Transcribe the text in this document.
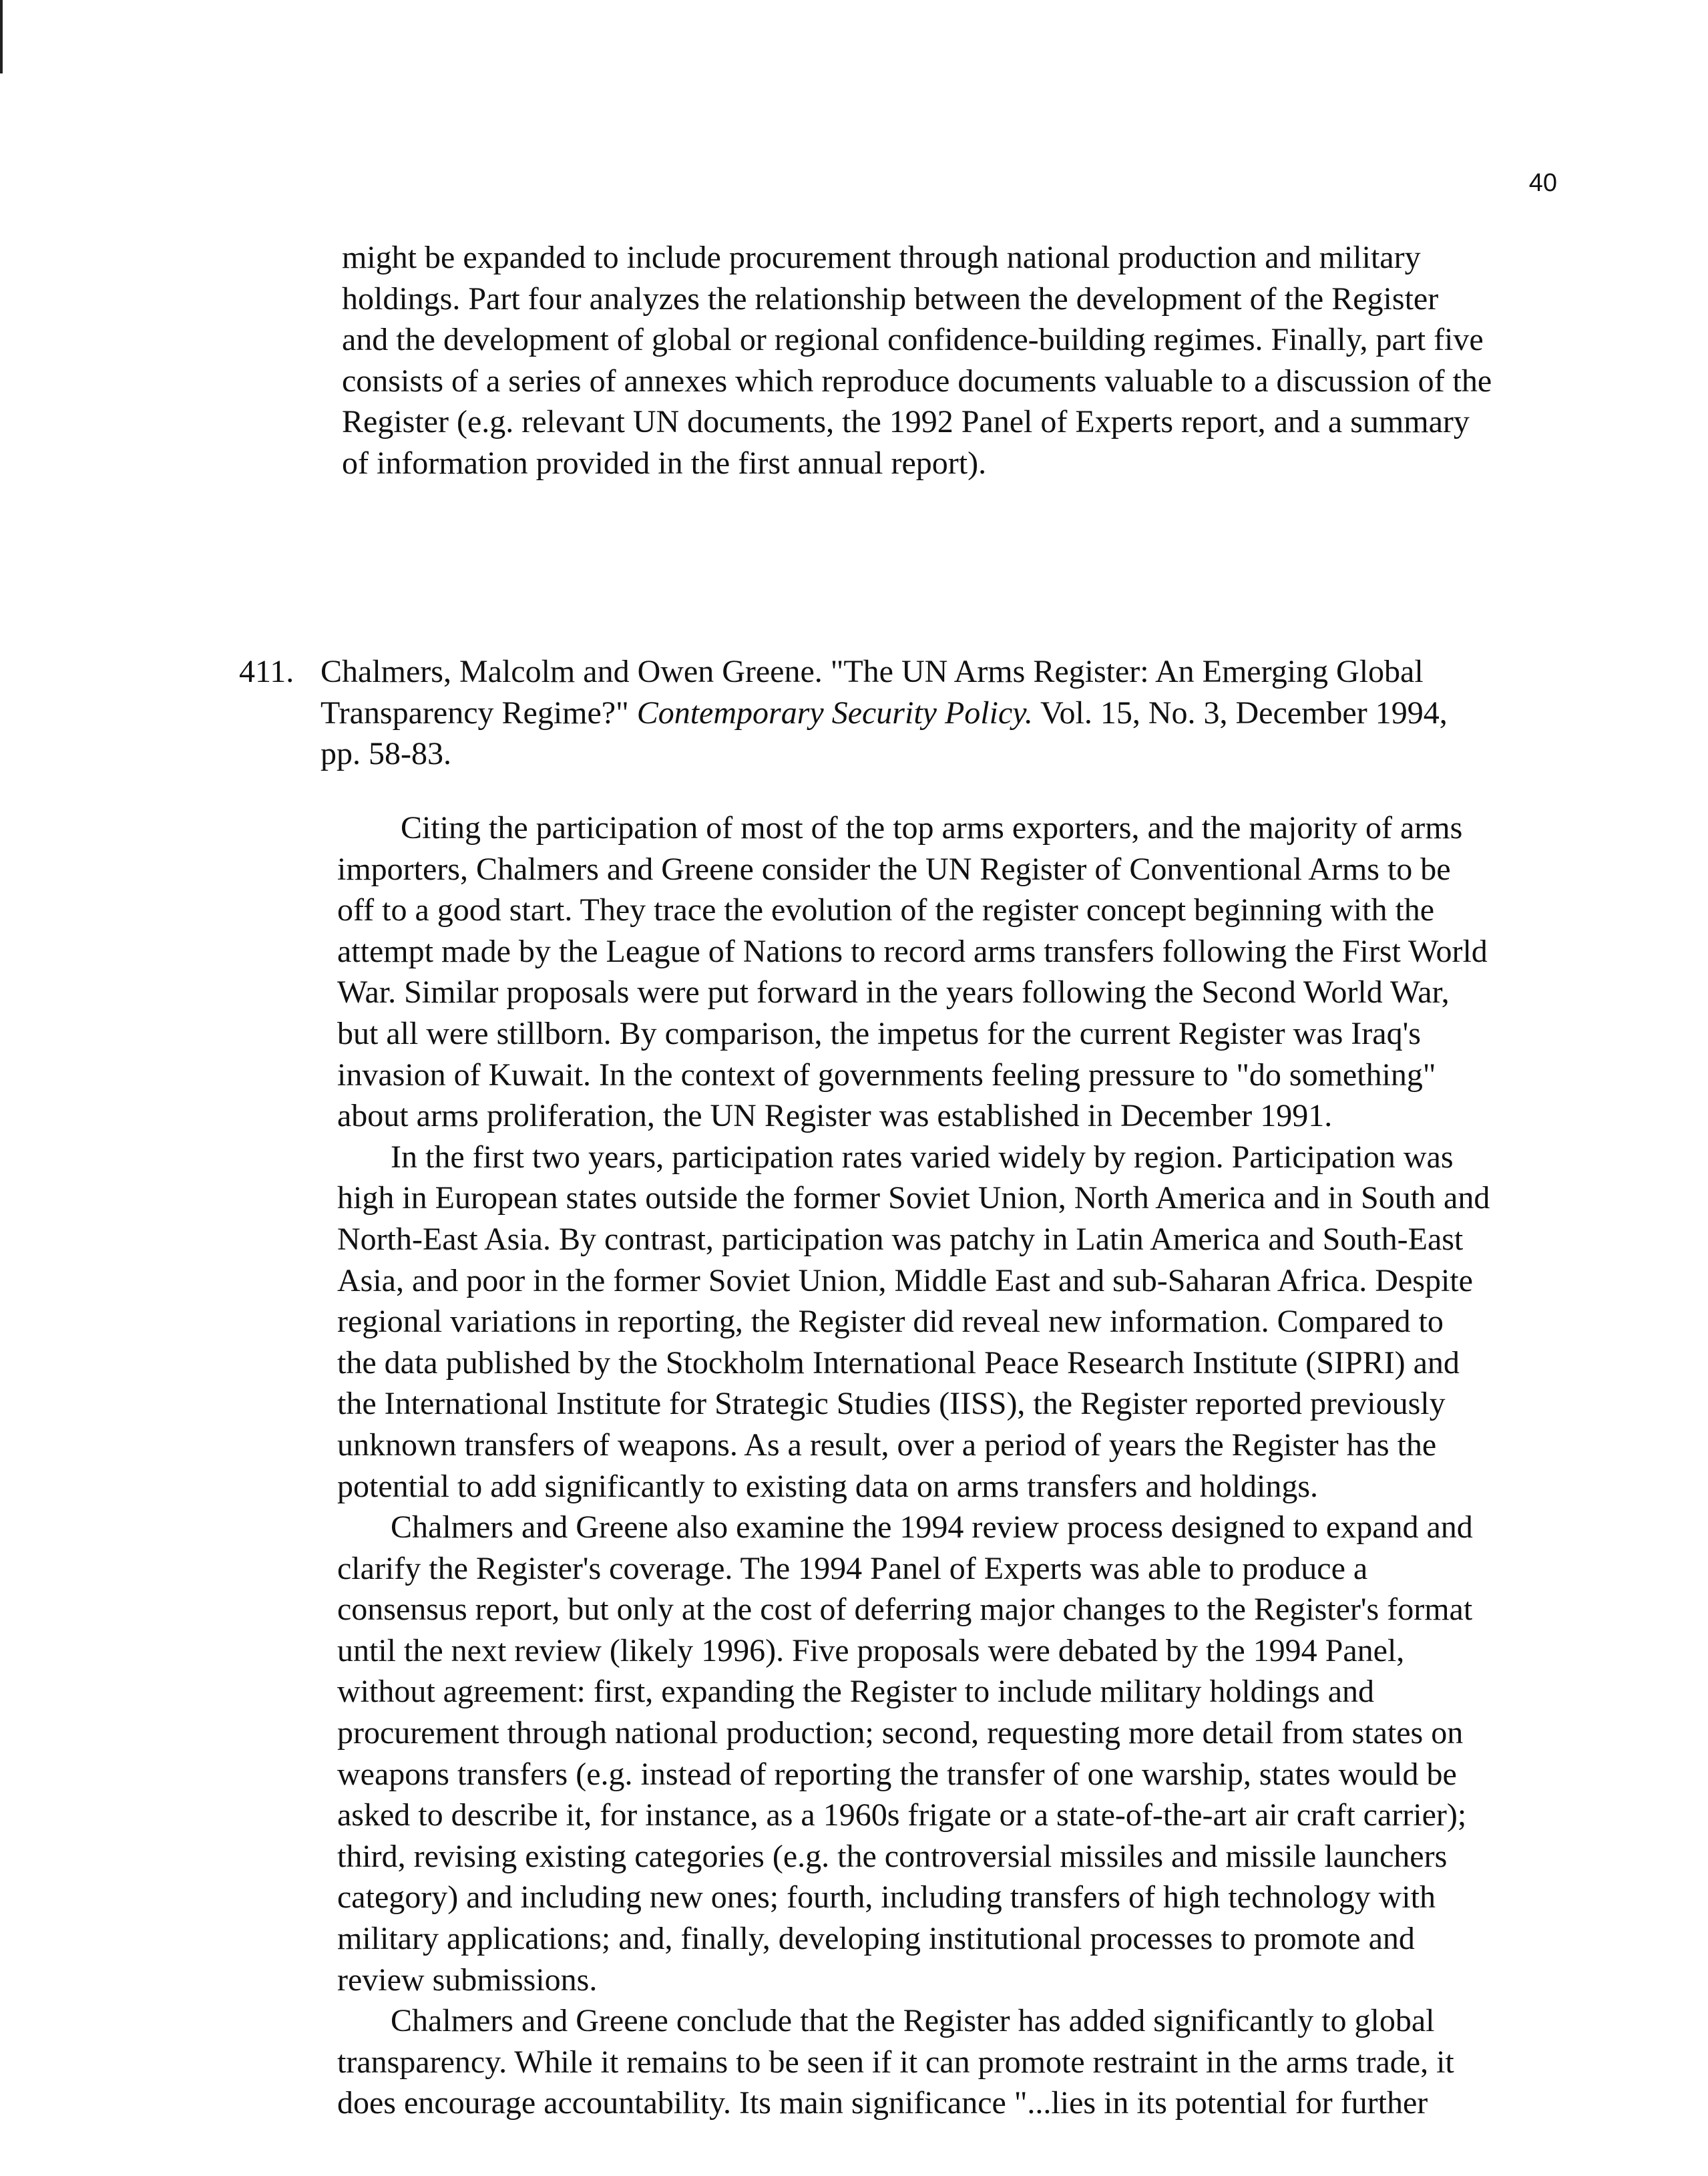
40

might be expanded to include procurement through national production and military
holdings. Part four analyzes the relationship between the development of the Register
and the development of global or regional confidence-building regimes. Finally, part five
consists of a series of annexes which reproduce documents valuable to a discussion of the
Register (e.g. relevant UN documents, the 1992 Panel of Experts report, and a summary
of information provided in the first annual report).

411. Chalmers, Malcolm and Owen Greene. "The UN Arms Register: An Emerging Global
Transparency Regime?" Contemporary Security Policy. Vol. 15, No. 3, December 1994,
pp. 58-83.

Citing the participation of most of the top arms exporters, and the majority of arms
importers, Chalmers and Greene consider the UN Register of Conventional Arms to be
off to a good start. They trace the evolution of the register concept beginning with the
attempt made by the League of Nations to record arms transfers following the First World
War. Similar proposals were put forward in the years following the Second World War,
but all were stillborn. By comparison, the impetus for the current Register was Iraq's
invasion of Kuwait. In the context of governments feeling pressure to "do something"
about arms proliferation, the UN Register was established in December 1991.

In the first two years, participation rates varied widely by region. Participation was
high in European states outside the former Soviet Union, North America and in South and
North-East Asia. By contrast, participation was patchy in Latin America and South-East
Asia, and poor in the former Soviet Union, Middle East and sub-Saharan Africa. Despite
regional variations in reporting, the Register did reveal new information. Compared to
the data published by the Stockholm International Peace Research Institute (SIPRI) and
the International Institute for Strategic Studies (IISS), the Register reported previously
unknown transfers of weapons. As a result, over a period of years the Register has the
potential to add significantly to existing data on arms transfers and holdings.

Chalmers and Greene also examine the 1994 review process designed to expand and
clarify the Register's coverage. The 1994 Panel of Experts was able to produce a
consensus report, but only at the cost of deferring major changes to the Register's format
until the next review (likely 1996). Five proposals were debated by the 1994 Panel,
without agreement: first, expanding the Register to include military holdings and
procurement through national production; second, requesting more detail from states on
weapons transfers (e.g. instead of reporting the transfer of one warship, states would be
asked to describe it, for instance, as a 1960s frigate or a state-of-the-art air craft carrier);
third, revising existing categories (e.g. the controversial missiles and missile launchers
category) and including new ones; fourth, including transfers of high technology with
military applications; and, finally, developing institutional processes to promote and
review submissions.

Chalmers and Greene conclude that the Register has added significantly to global
transparency. While it remains to be seen if it can promote restraint in the arms trade, it
does encourage accountability. Its main significance "...lies in its potential for further
